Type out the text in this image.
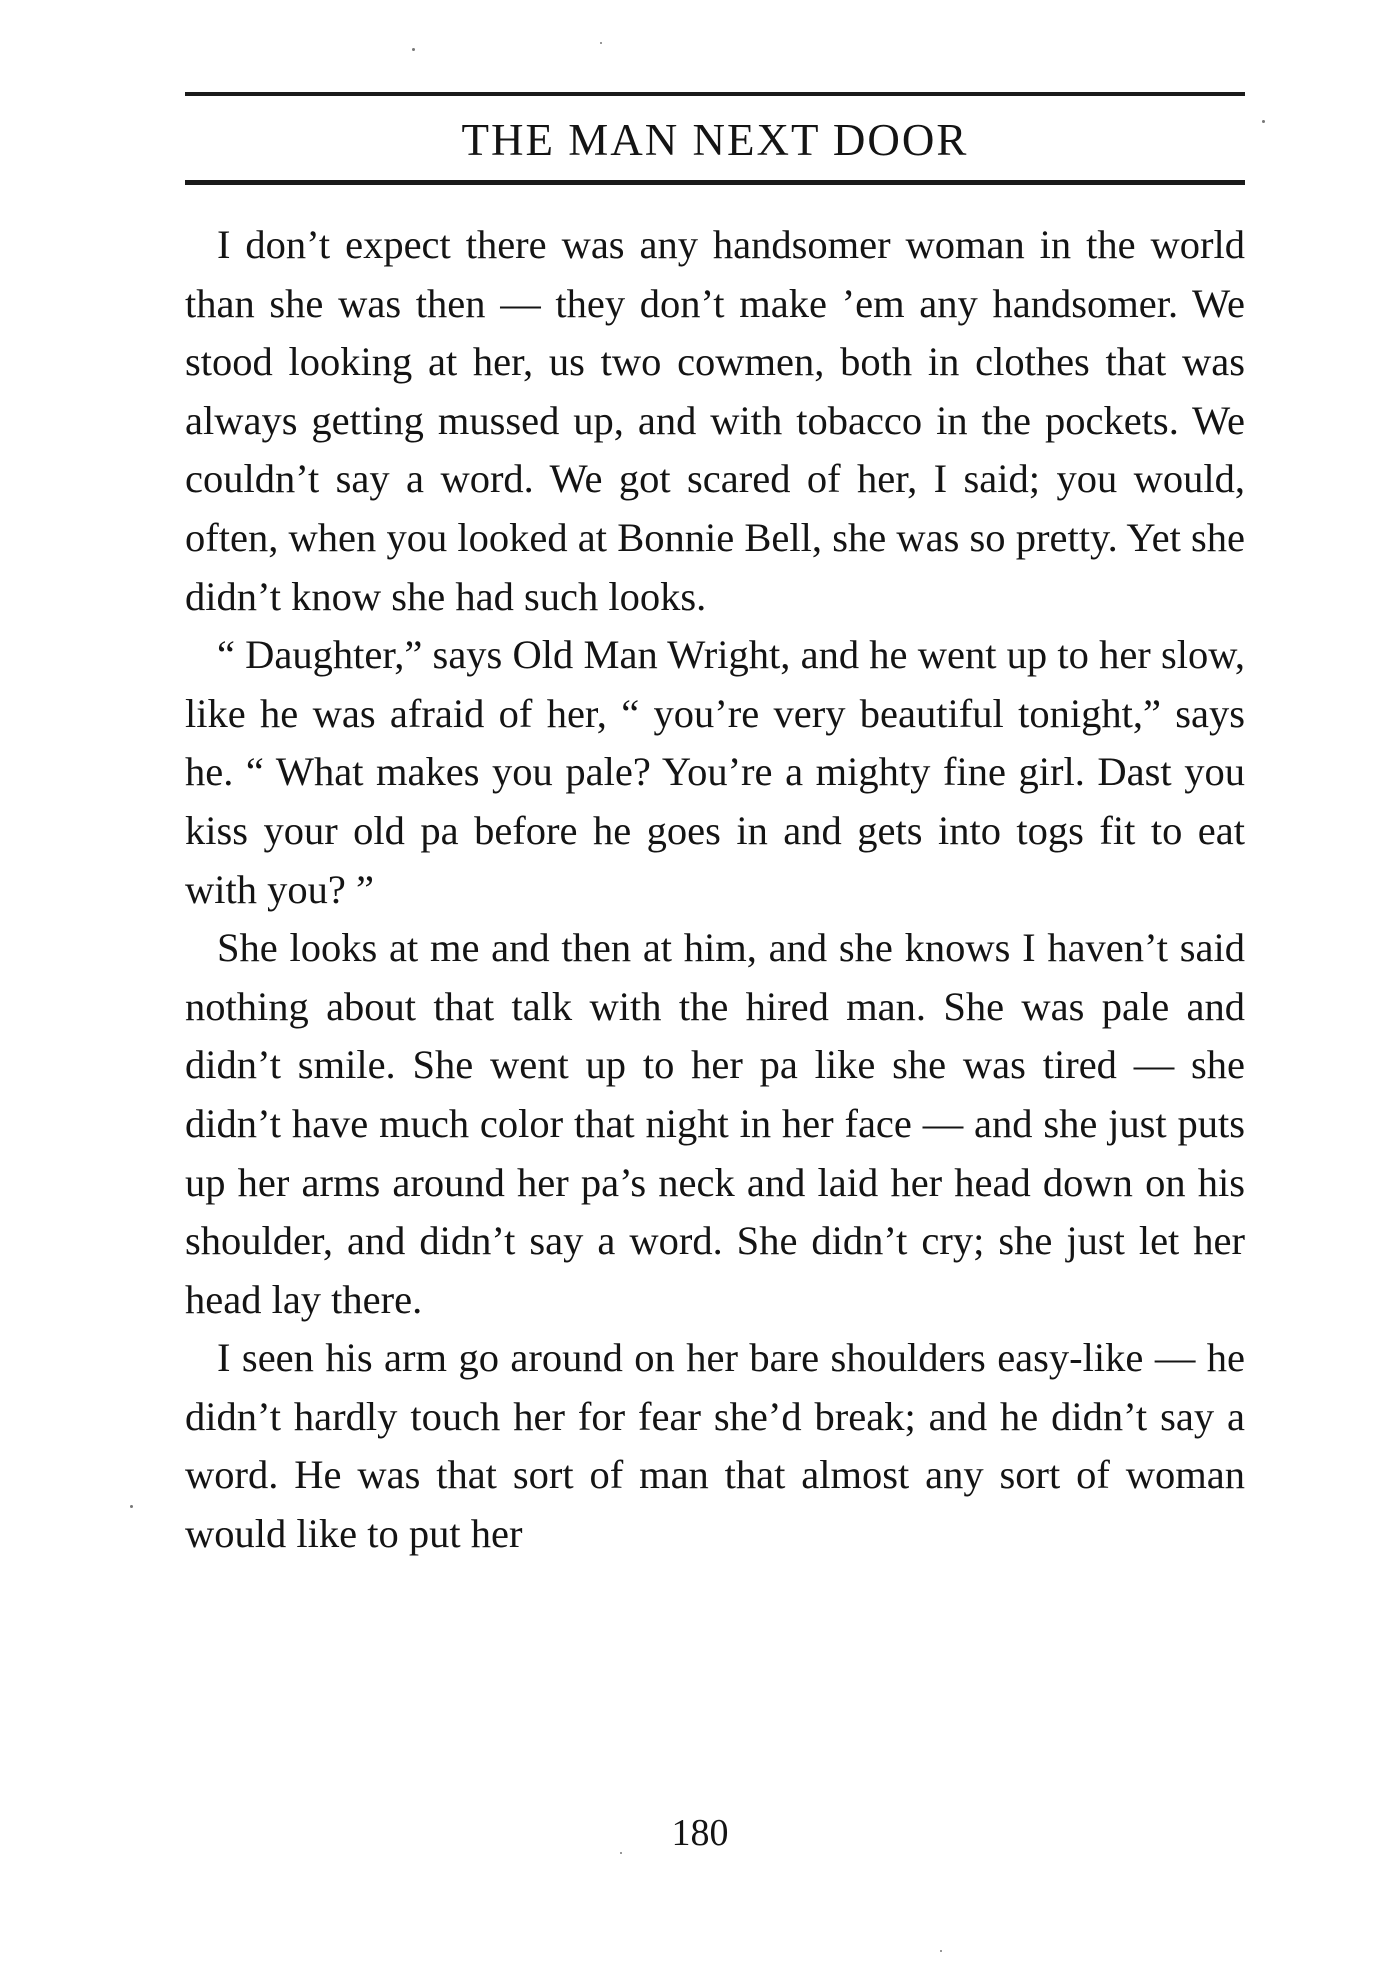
THE MAN NEXT DOOR

I don’t expect there was any handsomer woman in the world than she was then — they don’t make ’em any handsomer. We stood looking at her, us two cowmen, both in clothes that was always getting mussed up, and with tobacco in the pockets. We couldn’t say a word. We got scared of her, I said; you would, often, when you looked at Bonnie Bell, she was so pretty. Yet she didn’t know she had such looks.

“ Daughter,” says Old Man Wright, and he went up to her slow, like he was afraid of her, “ you’re very beautiful tonight,” says he. “ What makes you pale? You’re a mighty fine girl. Dast you kiss your old pa before he goes in and gets into togs fit to eat with you? ”

She looks at me and then at him, and she knows I haven’t said nothing about that talk with the hired man. She was pale and didn’t smile. She went up to her pa like she was tired — she didn’t have much color that night in her face — and she just puts up her arms around her pa’s neck and laid her head down on his shoulder, and didn’t say a word. She didn’t cry; she just let her head lay there.

I seen his arm go around on her bare shoulders easy-like — he didn’t hardly touch her for fear she’d break; and he didn’t say a word. He was that sort of man that almost any sort of woman would like to put her

180
